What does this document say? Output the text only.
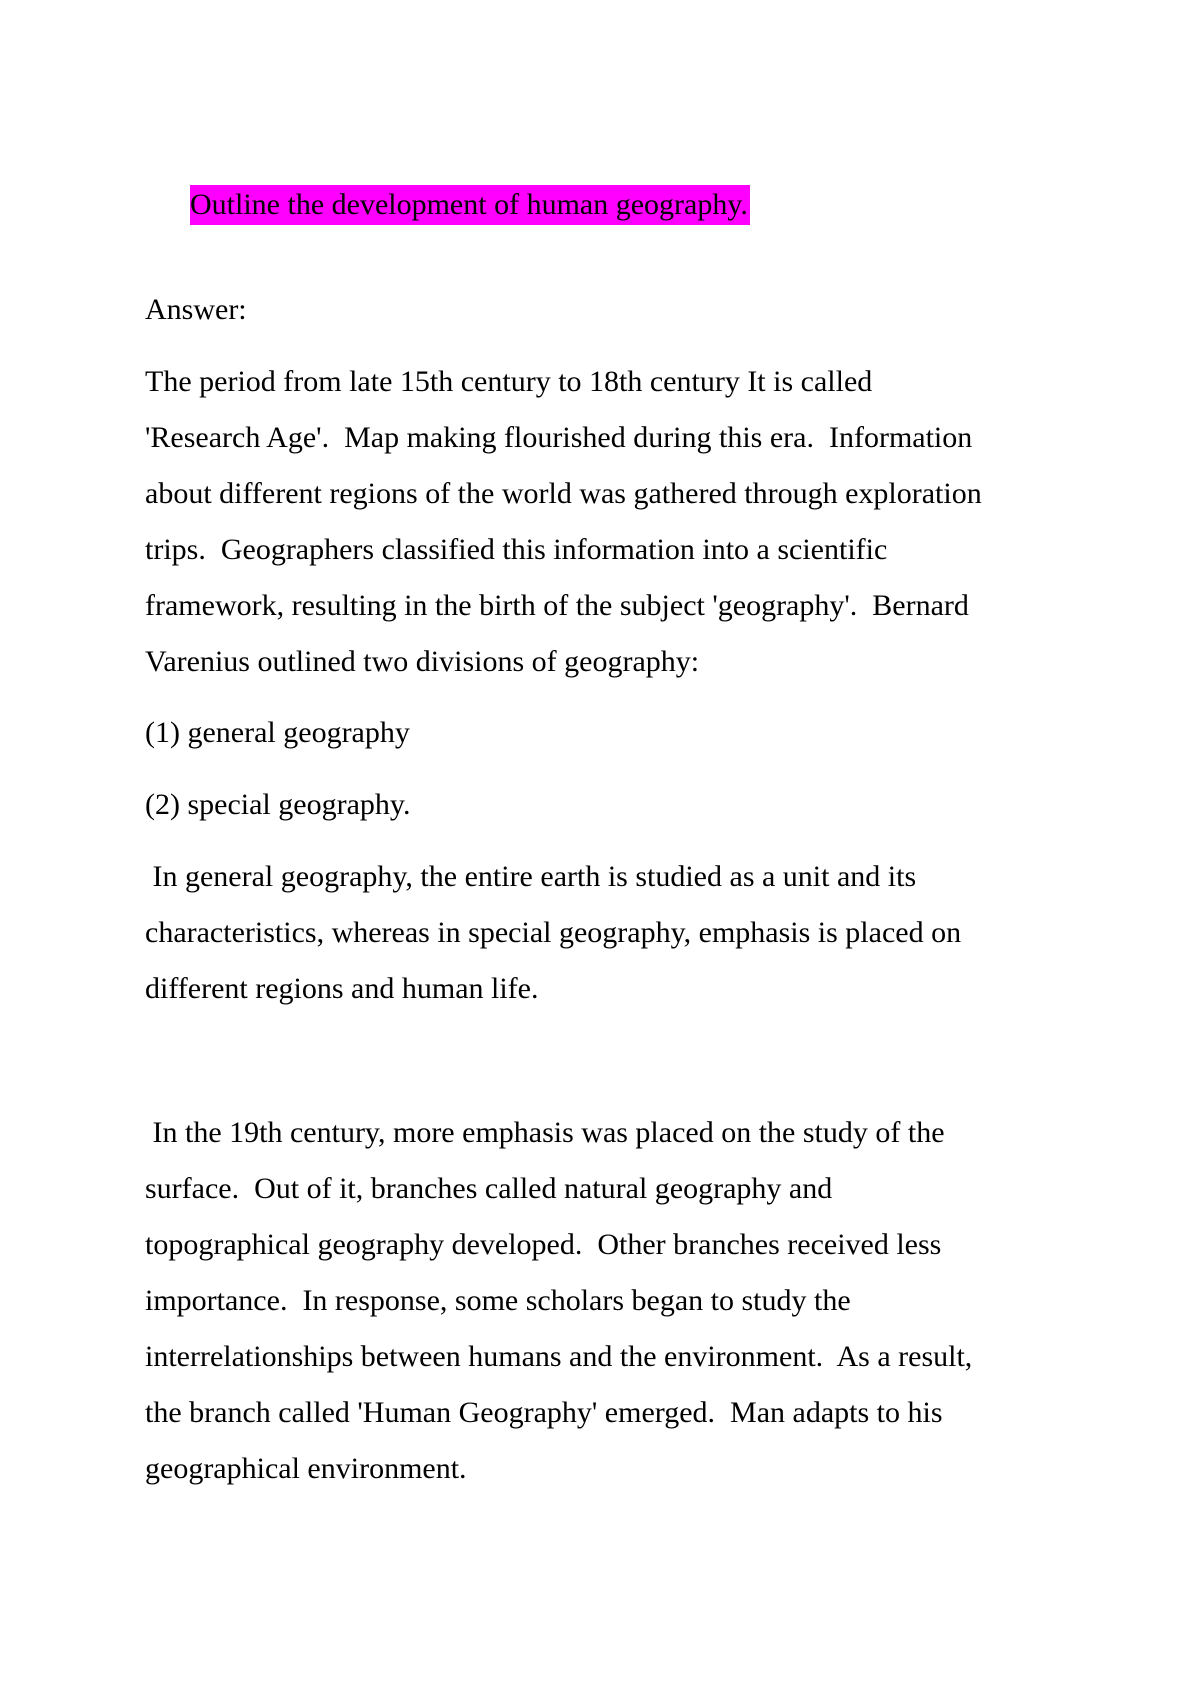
Outline the development of human geography.

Answer:
The period from late 15th century to 18th century It is called
'Research Age'.  Map making flourished during this era.  Information
about different regions of the world was gathered through exploration
trips.  Geographers classified this information into a scientific
framework, resulting in the birth of the subject 'geography'.  Bernard
Varenius outlined two divisions of geography:
(1) general geography
(2) special geography.
In general geography, the entire earth is studied as a unit and its
characteristics, whereas in special geography, emphasis is placed on
different regions and human life.
In the 19th century, more emphasis was placed on the study of the
surface.  Out of it, branches called natural geography and
topographical geography developed.  Other branches received less
importance.  In response, some scholars began to study the
interrelationships between humans and the environment.  As a result,
the branch called 'Human Geography' emerged.  Man adapts to his
geographical environment.
